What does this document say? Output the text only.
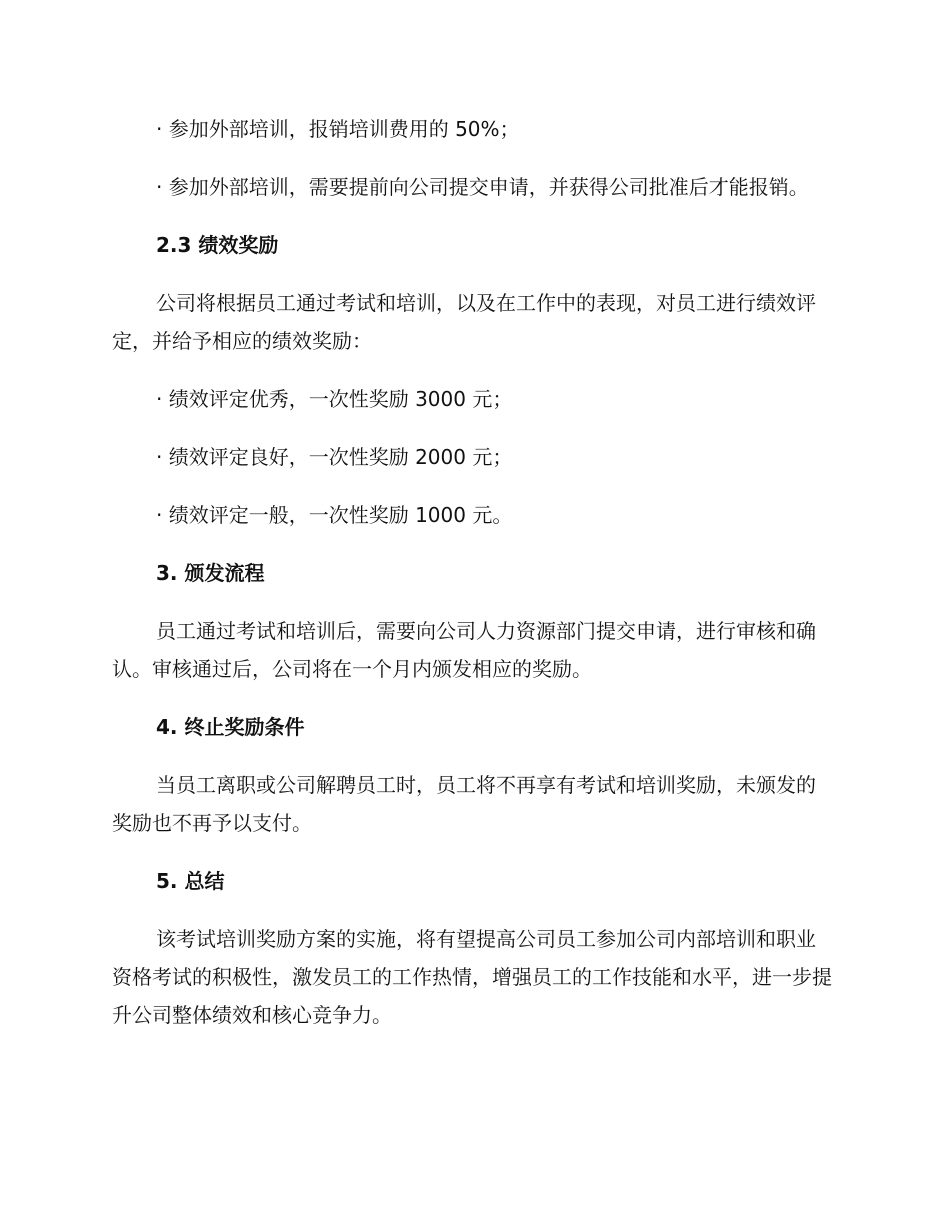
· 参加外部培训，报销培训费用的 50%；

· 参加外部培训，需要提前向公司提交申请，并获得公司批准后才能报销。

2.3 绩效奖励

公司将根据员工通过考试和培训，以及在工作中的表现，对员工进行绩效评定，并给予相应的绩效奖励：

· 绩效评定优秀，一次性奖励 3000 元；

· 绩效评定良好，一次性奖励 2000 元；

· 绩效评定一般，一次性奖励 1000 元。

3. 颁发流程

员工通过考试和培训后，需要向公司人力资源部门提交申请，进行审核和确认。审核通过后，公司将在一个月内颁发相应的奖励。

4. 终止奖励条件

当员工离职或公司解聘员工时，员工将不再享有考试和培训奖励，未颁发的奖励也不再予以支付。

5. 总结

该考试培训奖励方案的实施，将有望提高公司员工参加公司内部培训和职业资格考试的积极性，激发员工的工作热情，增强员工的工作技能和水平，进一步提升公司整体绩效和核心竞争力。
